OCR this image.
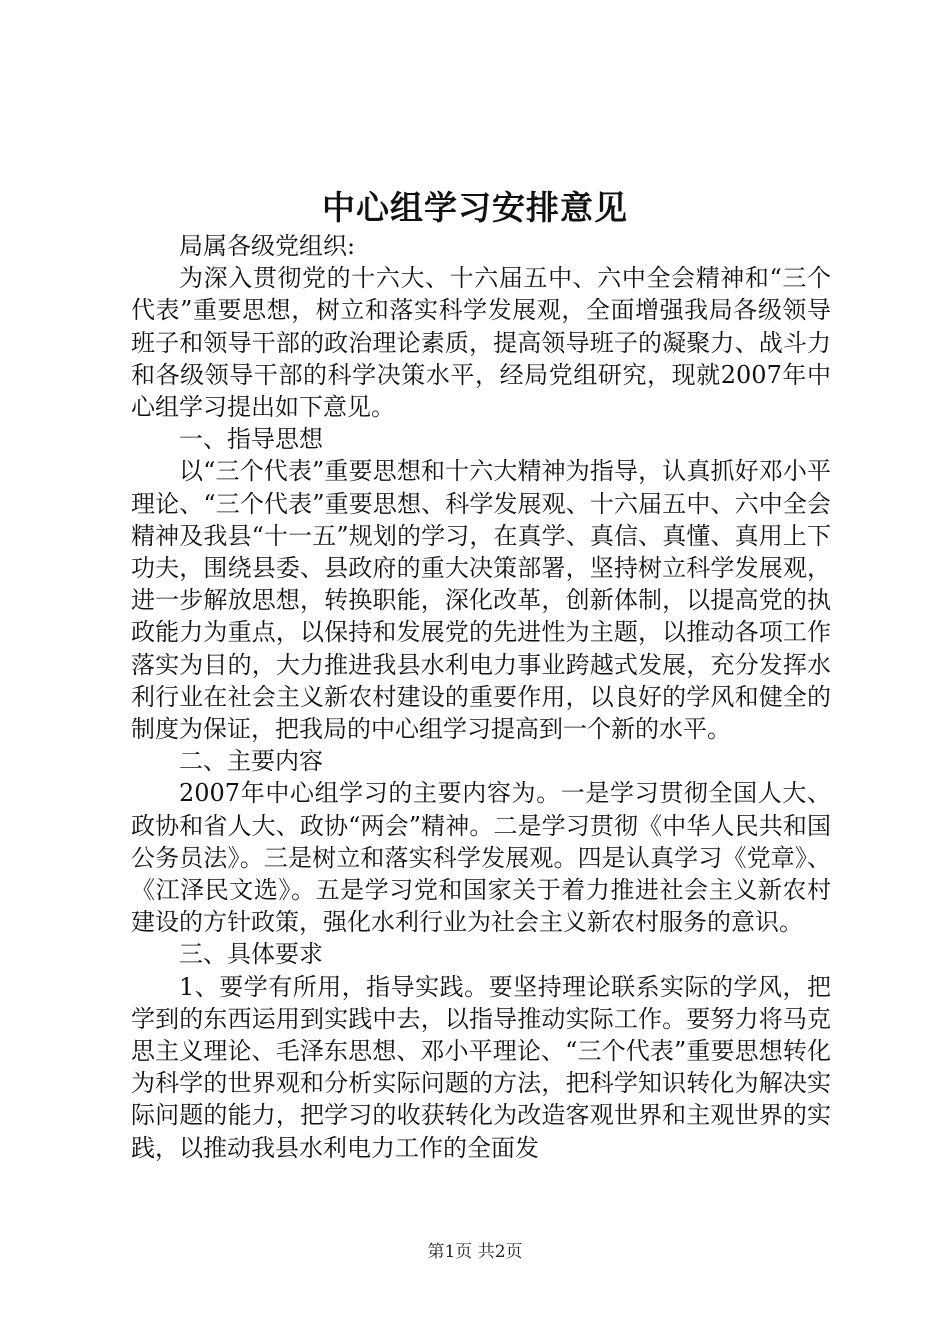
中心组学习安排意见

局属各级党组织:

为深入贯彻党的十六大、十六届五中、六中全会精神和“三个代表”重要思想，树立和落实科学发展观，全面增强我局各级领导班子和领导干部的政治理论素质，提高领导班子的凝聚力、战斗力和各级领导干部的科学决策水平，经局党组研究，现就2007年中心组学习提出如下意见。

一、指导思想

以“三个代表”重要思想和十六大精神为指导，认真抓好邓小平理论、“三个代表”重要思想、科学发展观、十六届五中、六中全会精神及我县“十一五”规划的学习，在真学、真信、真懂、真用上下功夫，围绕县委、县政府的重大决策部署，坚持树立科学发展观，进一步解放思想，转换职能，深化改革，创新体制，以提高党的执政能力为重点，以保持和发展党的先进性为主题，以推动各项工作落实为目的，大力推进我县水利电力事业跨越式发展，充分发挥水利行业在社会主义新农村建设的重要作用，以良好的学风和健全的制度为保证，把我局的中心组学习提高到一个新的水平。

二、主要内容

2007年中心组学习的主要内容为。一是学习贯彻全国人大、政协和省人大、政协“两会”精神。二是学习贯彻《中华人民共和国公务员法》。三是树立和落实科学发展观。四是认真学习《党章》、《江泽民文选》。五是学习党和国家关于着力推进社会主义新农村建设的方针政策，强化水利行业为社会主义新农村服务的意识。

三、具体要求

1、要学有所用，指导实践。要坚持理论联系实际的学风，把学到的东西运用到实践中去，以指导推动实际工作。要努力将马克思主义理论、毛泽东思想、邓小平理论、“三个代表”重要思想转化为科学的世界观和分析实际问题的方法，把科学知识转化为解决实际问题的能力，把学习的收获转化为改造客观世界和主观世界的实践，以推动我县水利电力工作的全面发

第1页 共2页
